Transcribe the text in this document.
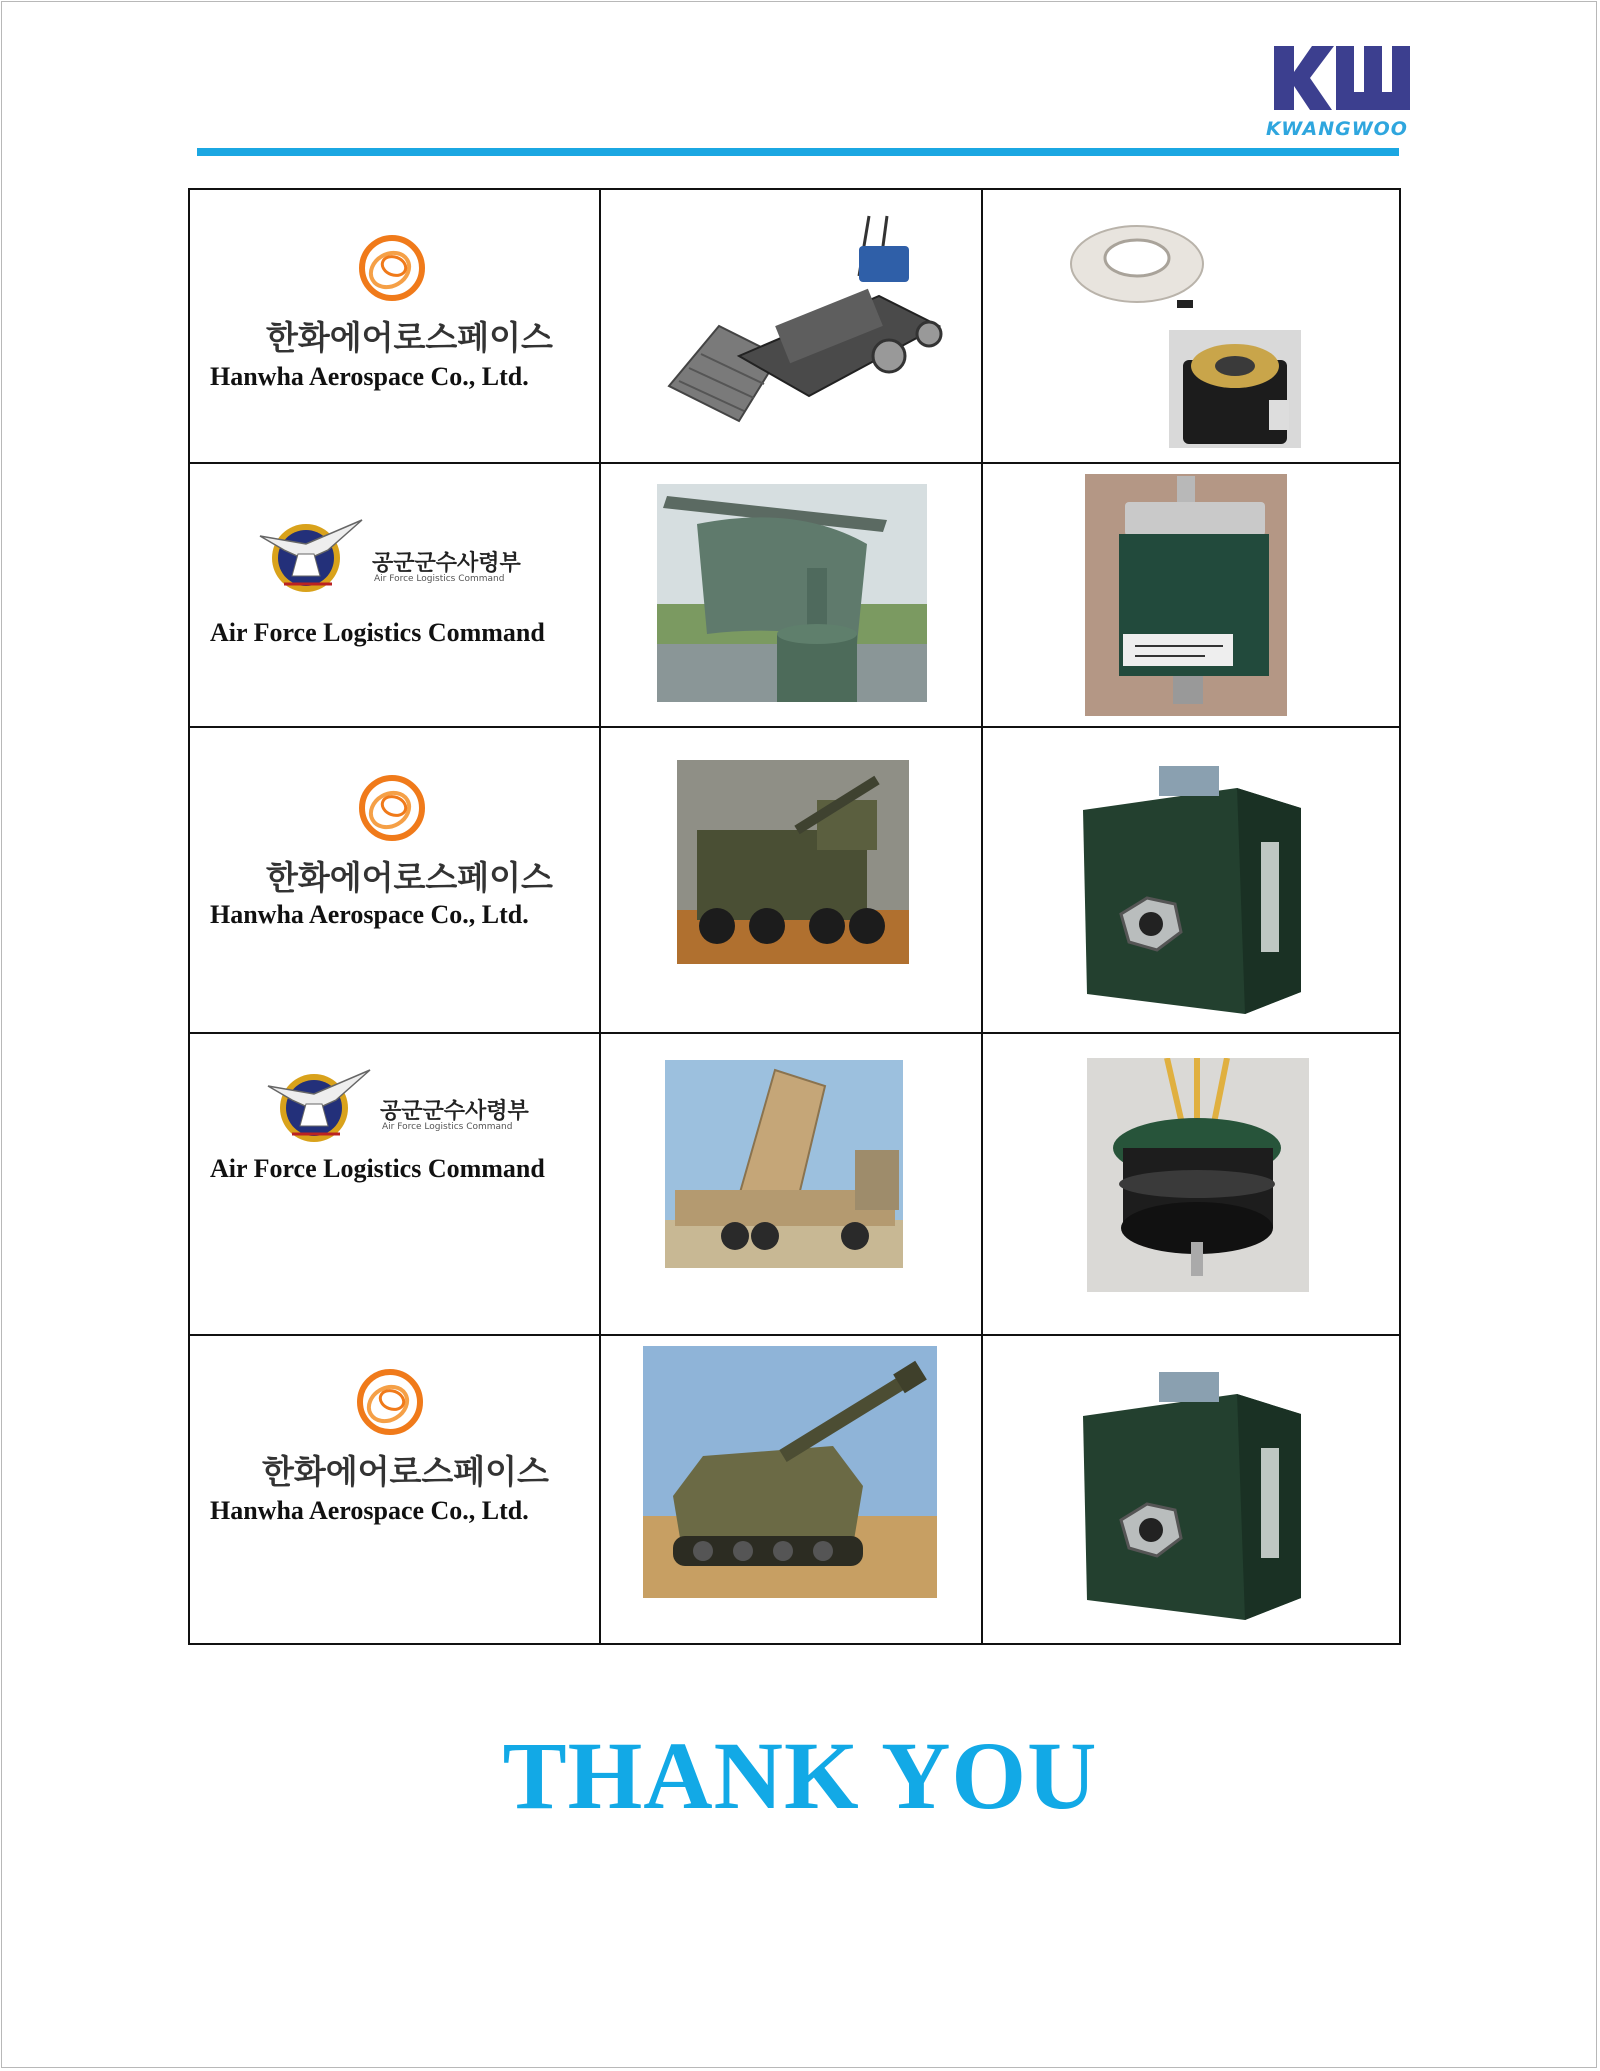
KWANGWOO
한화에어로스페이스
Hanwha Aerospace Co., Ltd.
공군군수사령부
Air Force Logistics Command
Air Force Logistics Command
한화에어로스페이스
Hanwha Aerospace Co., Ltd.
공군군수사령부
Air Force Logistics Command
Air Force Logistics Command
한화에어로스페이스
Hanwha Aerospace Co., Ltd.
THANK YOU
